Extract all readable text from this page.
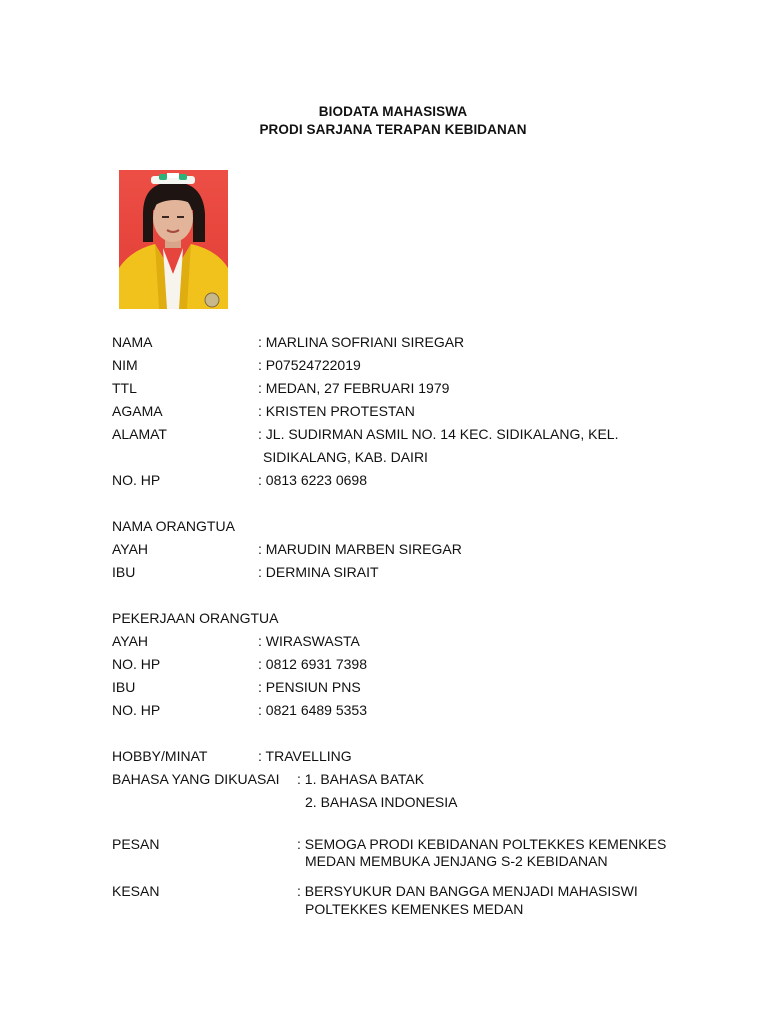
BIODATA MAHASISWA
PRODI SARJANA TERAPAN KEBIDANAN
NAMA	: MARLINA SOFRIANI SIREGAR
NIM	: P07524722019
TTL	: MEDAN, 27 FEBRUARI 1979
AGAMA	: KRISTEN PROTESTAN
ALAMAT	: JL. SUDIRMAN ASMIL NO. 14 KEC. SIDIKALANG, KEL.
SIDIKALANG, KAB. DAIRI
NO. HP	: 0813 6223 0698
NAMA ORANGTUA
AYAH	: MARUDIN MARBEN SIREGAR
IBU	: DERMINA SIRAIT
PEKERJAAN ORANGTUA
AYAH	: WIRASWASTA
NO. HP	: 0812 6931 7398
IBU	: PENSIUN PNS
NO. HP	: 0821 6489 5353
HOBBY/MINAT	: TRAVELLING
BAHASA YANG DIKUASAI : 1. BAHASA BATAK
2. BAHASA INDONESIA
PESAN	: SEMOGA PRODI KEBIDANAN POLTEKKES KEMENKES
MEDAN MEMBUKA JENJANG S-2 KEBIDANAN
KESAN	: BERSYUKUR DAN BANGGA MENJADI MAHASISWI
POLTEKKES KEMENKES MEDAN
